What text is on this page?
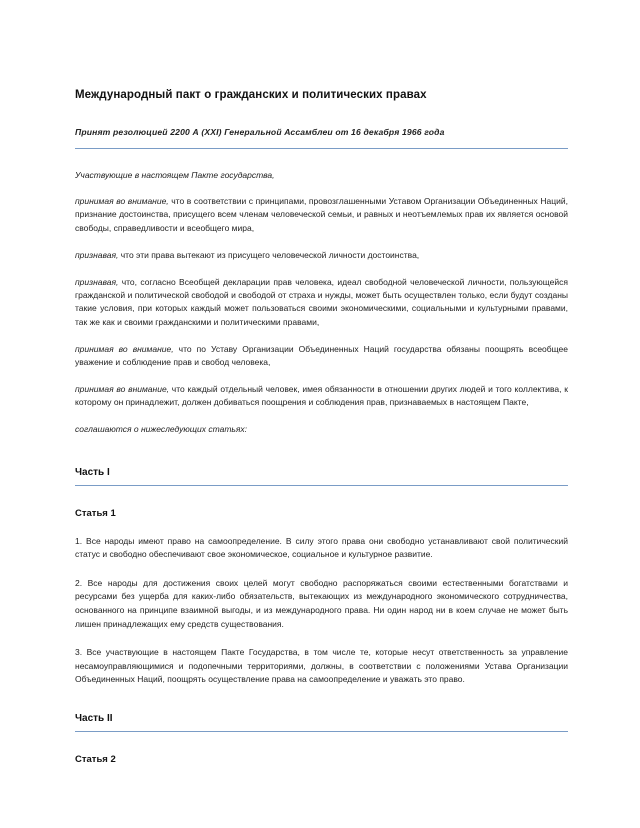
Международный пакт о гражданских и политических правах
Принят резолюцией 2200 А (XXI) Генеральной Ассамблеи от 16 декабря 1966 года

Участвующие в настоящем Пакте государства,

принимая во внимание, что в соответствии с принципами, провозглашенными Уставом Организации Объединенных Наций, признание достоинства, присущего всем членам человеческой семьи, и равных и неотъемлемых прав их является основой свободы, справедливости и всеобщего мира,

признавая, что эти права вытекают из присущего человеческой личности достоинства,

признавая, что, согласно Всеобщей декларации прав человека, идеал свободной человеческой личности, пользующейся гражданской и политической свободой и свободой от страха и нужды, может быть осуществлен только, если будут созданы такие условия, при которых каждый может пользоваться своими экономическими, социальными и культурными правами, так же как и своими гражданскими и политическими правами,

принимая во внимание, что по Уставу Организации Объединенных Наций государства обязаны поощрять всеобщее уважение и соблюдение прав и свобод человека,

принимая во внимание, что каждый отдельный человек, имея обязанности в отношении других людей и того коллектива, к которому он принадлежит, должен добиваться поощрения и соблюдения прав, признаваемых в настоящем Пакте,

соглашаются о нижеследующих статьях:

Часть I
Статья 1

1. Все народы имеют право на самоопределение. В силу этого права они свободно устанавливают свой политический статус и свободно обеспечивают свое экономическое, социальное и культурное развитие.

2. Все народы для достижения своих целей могут свободно распоряжаться своими естественными богатствами и ресурсами без ущерба для каких-либо обязательств, вытекающих из международного экономического сотрудничества, основанного на принципе взаимной выгоды, и из международного права. Ни один народ ни в коем случае не может быть лишен принадлежащих ему средств существования.

3. Все участвующие в настоящем Пакте Государства, в том числе те, которые несут ответственность за управление несамоуправляющимися и подопечными территориями, должны, в соответствии с положениями Устава Организации Объединенных Наций, поощрять осуществление права на самоопределение и уважать это право.

Часть II
Статья 2
